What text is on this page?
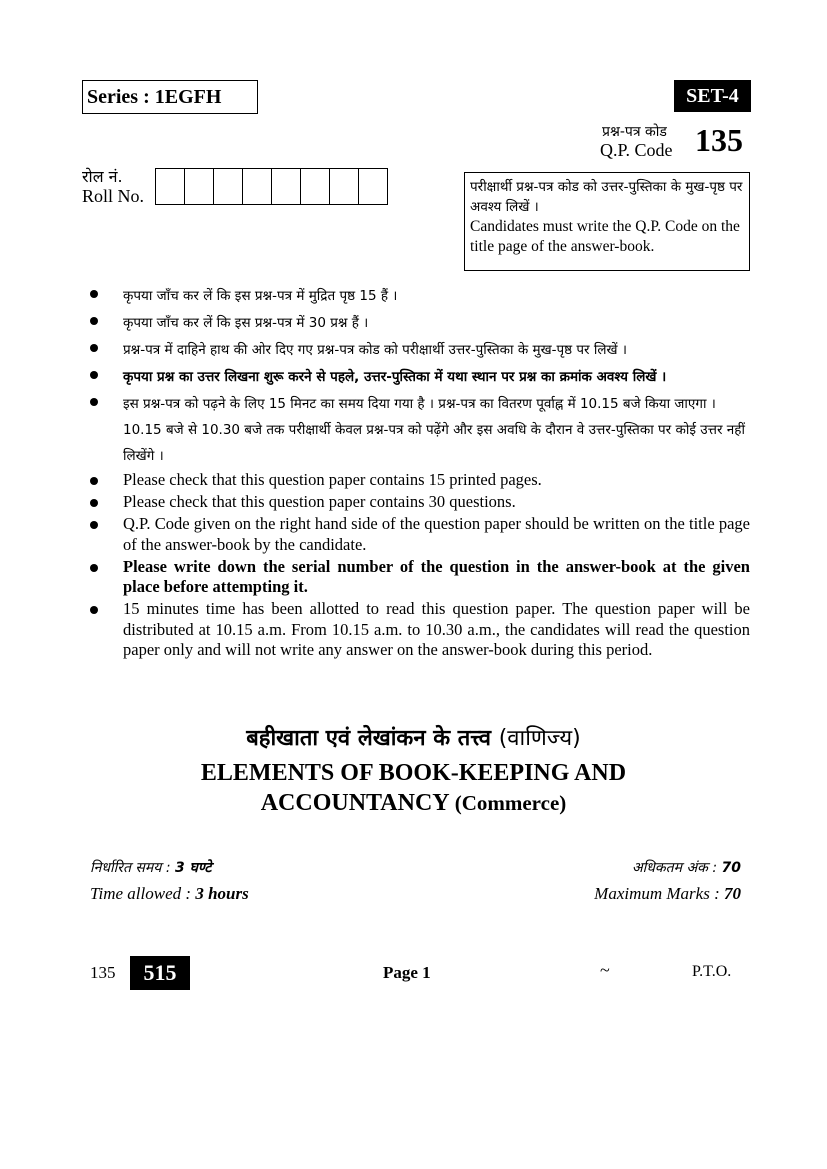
Series : 1EGFH	SET-4
प्रश्न-पत्र कोड
Q.P. Code 135
रोल नं.
Roll No.	परीक्षार्थी प्रश्न-पत्र कोड को उत्तर-पुस्तिका के मुख-पृष्ठ पर अवश्य लिखें ।
Candidates must write the Q.P. Code on the title page of the answer-book.
कृपया जाँच कर लें कि इस प्रश्न-पत्र में मुद्रित पृष्ठ 15 हैं ।
कृपया जाँच कर लें कि इस प्रश्न-पत्र में 30 प्रश्न हैं ।
प्रश्न-पत्र में दाहिने हाथ की ओर दिए गए प्रश्न-पत्र कोड को परीक्षार्थी उत्तर-पुस्तिका के मुख-पृष्ठ पर लिखें ।
कृपया प्रश्न का उत्तर लिखना शुरू करने से पहले, उत्तर-पुस्तिका में यथा स्थान पर प्रश्न का क्रमांक अवश्य लिखें ।
इस प्रश्न-पत्र को पढ़ने के लिए 15 मिनट का समय दिया गया है । प्रश्न-पत्र का वितरण पूर्वाह्न में 10.15 बजे किया जाएगा । 10.15 बजे से 10.30 बजे तक परीक्षार्थी केवल प्रश्न-पत्र को पढ़ेंगे और इस अवधि के दौरान वे उत्तर-पुस्तिका पर कोई उत्तर नहीं लिखेंगे ।
Please check that this question paper contains 15 printed pages.
Please check that this question paper contains 30 questions.
Q.P. Code given on the right hand side of the question paper should be written on the title page of the answer-book by the candidate.
Please write down the serial number of the question in the answer-book at the given place before attempting it.
15 minutes time has been allotted to read this question paper. The question paper will be distributed at 10.15 a.m. From 10.15 a.m. to 10.30 a.m., the candidates will read the question paper only and will not write any answer on the answer-book during this period.
बहीखाता एवं लेखांकन के तत्त्व (वाणिज्य)
ELEMENTS OF BOOK-KEEPING AND
ACCOUNTANCY (Commerce)
निर्धारित समय : 3 घण्टे
Time allowed : 3 hours
अधिकतम अंक : 70
Maximum Marks : 70
135	515	Page 1	~	P.T.O.
